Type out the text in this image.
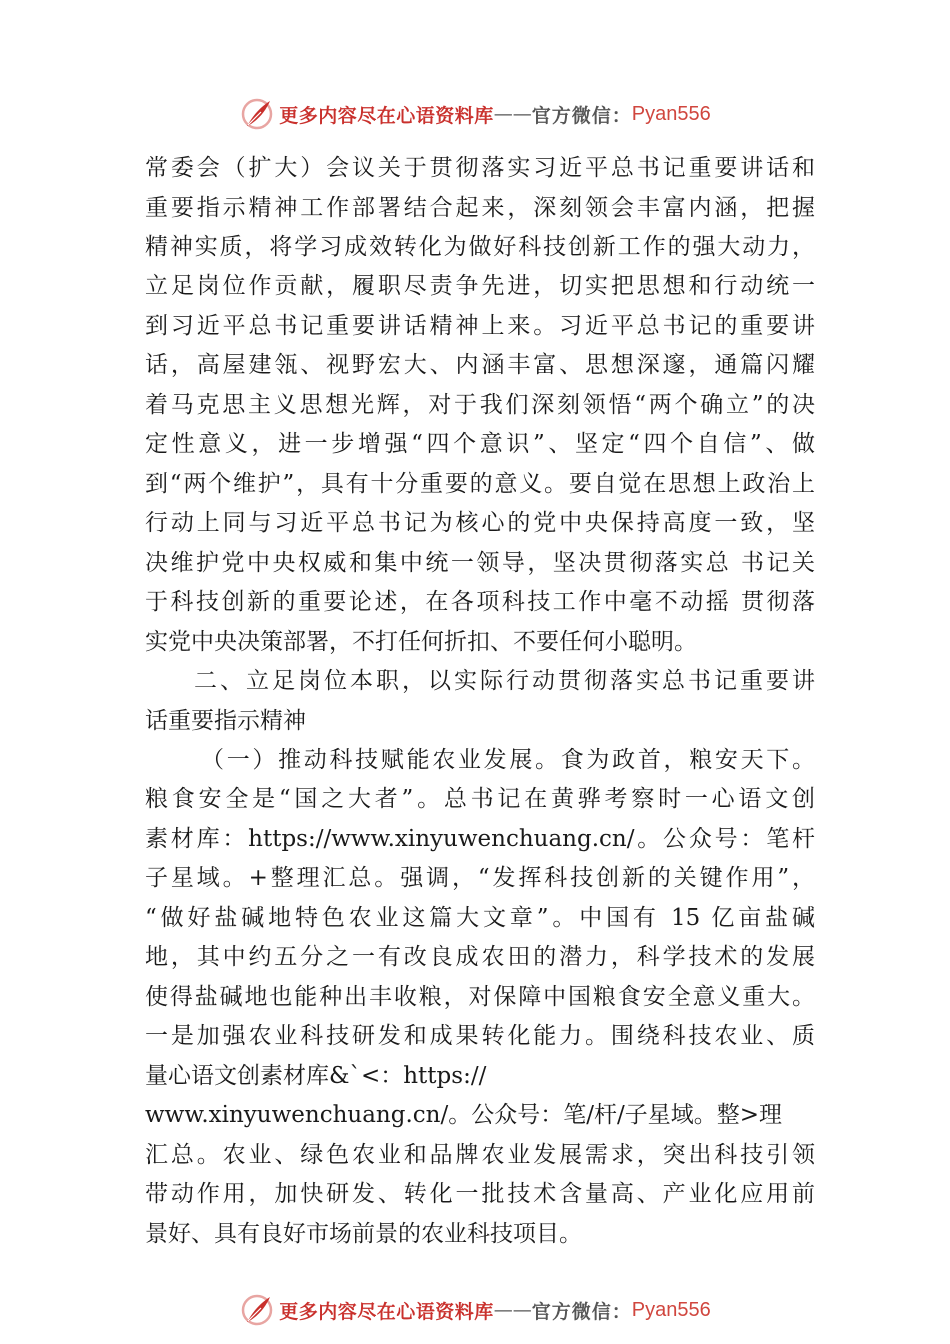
更多内容尽在心语资料库 —— 官方微信： Pyan556
常委会（扩大）会议关于贯彻落实习近平总书记重要讲话和
重要指示精神工作部署结合起来，深刻领会丰富内涵，把握
精神实质，将学习成效转化为做好科技创新工作的强大动力，
立足岗位作贡献，履职尽责争先进，切实把思想和行动统一
到习近平总书记重要讲话精神上来。习近平总书记的重要讲
话，高屋建瓴、视野宏大、内涵丰富、思想深邃，通篇闪耀
着马克思主义思想光辉，对于我们深刻领悟“两个确立”的决
定性意义，进一步增强“四个意识”、坚定“四个自信”、做
到“两个维护”，具有十分重要的意义。要自觉在思想上政治上
行动上同与习近平总书记为核心的党中央保持高度一致，坚
决维护党中央权威和集中统一领导，坚决贯彻落实总 书记关
于科技创新的重要论述，在各项科技工作中毫不动摇 贯彻落
实党中央决策部署，不打任何折扣、不要任何小聪明。
二、立足岗位本职，以实际行动贯彻落实总书记重要讲
话重要指示精神
（一）推动科技赋能农业发展。食为政首，粮安天下。
粮食安全是“国之大者”。总书记在黄骅考察时一心语文创
素材库：https://www.xinyuwenchuang.cn/。公众号：笔杆
子星域。+整理汇总。强调，“发挥科技创新的关键作用”，
“做好盐碱地特色农业这篇大文章”。中国有 15 亿亩盐碱
地，其中约五分之一有改良成农田的潜力，科学技术的发展
使得盐碱地也能种出丰收粮，对保障中国粮食安全意义重大。
一是加强农业科技研发和成果转化能力。围绕科技农业、质
量心语文创素材库&`<：https://
www.xinyuwenchuang.cn/。公众号：笔/杆/子星域。整>理
汇总。农业、绿色农业和品牌农业发展需求，突出科技引领
带动作用，加快研发、转化一批技术含量高、产业化应用前
景好、具有良好市场前景的农业科技项目。
更多内容尽在心语资料库 —— 官方微信： Pyan556
